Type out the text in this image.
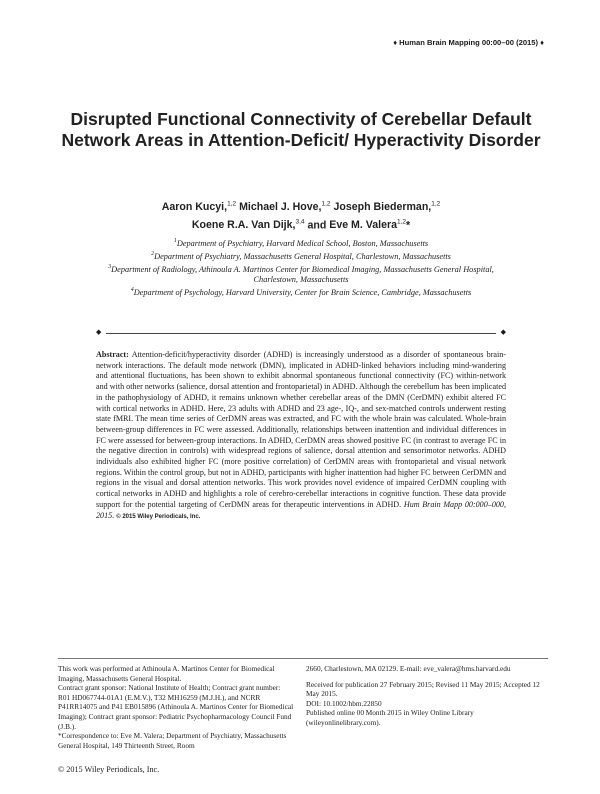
♦ Human Brain Mapping 00:00–00 (2015) ♦
Disrupted Functional Connectivity of Cerebellar Default Network Areas in Attention-Deficit/ Hyperactivity Disorder
Aaron Kucyi,$^{1,2}$ Michael J. Hove,$^{1,2}$ Joseph Biederman,$^{1,2}$
Koene R.A. Van Dijk,$^{3,4}$ and Eve M. Valera$^{1,2}$*

$^1$Department of Psychiatry, Harvard Medical School, Boston, Massachusetts

$^2$Department of Psychiatry, Massachusetts General Hospital, Charlestown, Massachusetts

$^3$Department of Radiology, Athinoula A. Martinos Center for Biomedical Imaging, Massachusetts General Hospital, Charlestown, Massachusetts

$^4$Department of Psychology, Harvard University, Center for Brain Science, Cambridge, Massachusetts

◆	◆
Abstract: Attention-deficit/hyperactivity disorder (ADHD) is increasingly understood as a disorder of spontaneous brain-network interactions. The default mode network (DMN), implicated in ADHD-linked behaviors including mind-wandering and attentional fluctuations, has been shown to exhibit abnormal spontaneous functional connectivity (FC) within-network and with other networks (salience, dorsal attention and frontoparietal) in ADHD. Although the cerebellum has been implicated in the pathophysiology of ADHD, it remains unknown whether cerebellar areas of the DMN (CerDMN) exhibit altered FC with cortical networks in ADHD. Here, 23 adults with ADHD and 23 age-, IQ-, and sex-matched controls underwent resting state fMRI. The mean time series of CerDMN areas was extracted, and FC with the whole brain was calculated. Whole-brain between-group differences in FC were assessed. Additionally, relationships between inattention and individual differences in FC were assessed for between-group interactions. In ADHD, CerDMN areas showed positive FC (in contrast to average FC in the negative direction in controls) with widespread regions of salience, dorsal attention and sensorimotor networks. ADHD individuals also exhibited higher FC (more positive correlation) of CerDMN areas with frontoparietal and visual network regions. Within the control group, but not in ADHD, participants with higher inattention had higher FC between CerDMN and regions in the visual and dorsal attention networks. This work provides novel evidence of impaired CerDMN coupling with cortical networks in ADHD and highlights a role of cerebro-cerebellar interactions in cognitive function. These data provide support for the potential targeting of CerDMN areas for therapeutic interventions in ADHD. Hum Brain Mapp 00:000–000, 2015. © 2015 Wiley Periodicals, Inc.

This work was performed at Athinoula A. Martinos Center for Biomedical Imaging, Massachusetts General Hospital.

Contract grant sponsor: National Institute of Health; Contract grant number: R01 HD067744-01A1 (E.M.V.), T32 MH16259 (M.J.H.), and NCRR P41RR14075 and P41 EB015896 (Athinoula A. Martinos Center for Biomedical Imaging); Contract grant sponsor: Pediatric Psychopharmacology Council Fund (J.B.).

*Correspondence to: Eve M. Valera; Department of Psychiatry, Massachusetts General Hospital, 149 Thirteenth Street, Room

2660, Charlestown, MA 02129. E-mail: eve_valera@hms.harvard.edu

Received for publication 27 February 2015; Revised 11 May 2015; Accepted 12 May 2015.

DOI: 10.1002/hbm.22850

Published online 00 Month 2015 in Wiley Online Library (wileyonlinelibrary.com).

© 2015 Wiley Periodicals, Inc.
